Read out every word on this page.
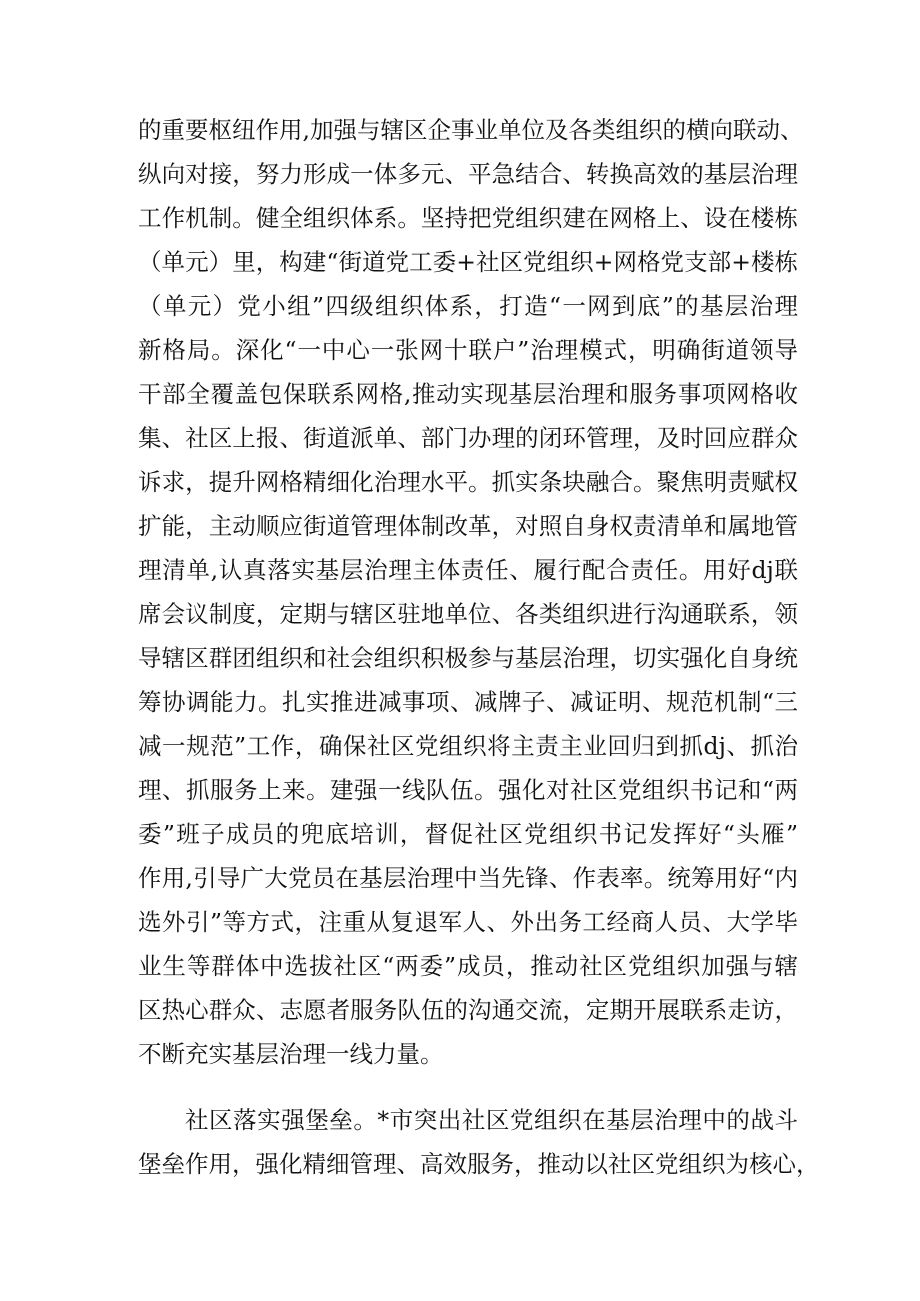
的重要枢纽作用,加强与辖区企事业单位及各类组织的横向联动、
纵向对接，努力形成一体多元、平急结合、转换高效的基层治理
工作机制。健全组织体系。坚持把党组织建在网格上、设在楼栋
（单元）里，构建“街道党工委+社区党组织+网格党支部+楼栋
（单元）党小组”四级组织体系，打造“一网到底”的基层治理
新格局。深化“一中心一张网十联户”治理模式，明确街道领导
干部全覆盖包保联系网格,推动实现基层治理和服务事项网格收
集、社区上报、街道派单、部门办理的闭环管理，及时回应群众
诉求，提升网格精细化治理水平。抓实条块融合。聚焦明责赋权
扩能，主动顺应街道管理体制改革，对照自身权责清单和属地管
理清单,认真落实基层治理主体责任、履行配合责任。用好dj联
席会议制度，定期与辖区驻地单位、各类组织进行沟通联系，领
导辖区群团组织和社会组织积极参与基层治理，切实强化自身统
筹协调能力。扎实推进减事项、减牌子、减证明、规范机制“三
减一规范”工作，确保社区党组织将主责主业回归到抓dj、抓治
理、抓服务上来。建强一线队伍。强化对社区党组织书记和“两
委”班子成员的兜底培训，督促社区党组织书记发挥好“头雁”
作用,引导广大党员在基层治理中当先锋、作表率。统筹用好“内
选外引”等方式，注重从复退军人、外出务工经商人员、大学毕
业生等群体中选拔社区“两委”成员，推动社区党组织加强与辖
区热心群众、志愿者服务队伍的沟通交流，定期开展联系走访，
不断充实基层治理一线力量。
社区落实强堡垒。*市突出社区党组织在基层治理中的战斗
堡垒作用，强化精细管理、高效服务，推动以社区党组织为核心，
